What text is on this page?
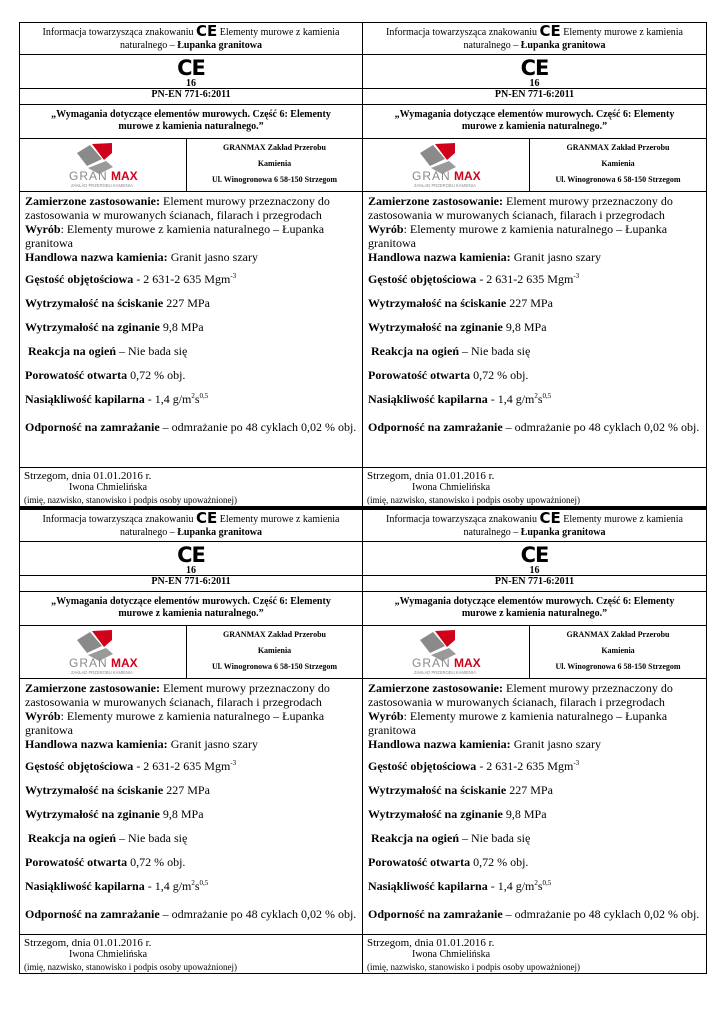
Informacja towarzysząca znakowaniu CE Elementy murowe z kamienia
naturalnego – Łupanka granitowa
CE
16
PN-EN 771-6:2011
„Wymagania dotyczące elementów murowych. Część 6: Elementy murowe z kamienia naturalnego.”
GRAN MAX
ZAKŁAD PRZEROBU KAMIENIA
GRANMAX Zakład Przerobu
Kamienia
Ul. Winogronowa 6 58-150 Strzegom

Zamierzone zastosowanie: Element murowy przeznaczony do zastosowania w murowanych ścianach, filarach i przegrodach

Wyrób: Elementy murowe z kamienia naturalnego – Łupanka granitowa

Handlowa nazwa kamienia: Granit jasno szary

Gęstość objętościowa - 2 631-2 635 Mgm$^{-3}$

Wytrzymałość na ściskanie 227 MPa

Wytrzymałość na zginanie 9,8 MPa

Reakcja na ogień – Nie bada się

Porowatość otwarta 0,72 % obj.

Nasiąkliwość kapilarna - 1,4 $g/m^2s^{0,5}$

Odporność na zamrażanie – odmrażanie po 48 cyklach 0,02 % obj.

Strzegom, dnia 01.01.2016 r.
Iwona Chmielińska
(imię, nazwisko, stanowisko i podpis osoby upoważnionej)
Informacja towarzysząca znakowaniu CE Elementy murowe z kamienia
naturalnego – Łupanka granitowa
CE
16
PN-EN 771-6:2011
„Wymagania dotyczące elementów murowych. Część 6: Elementy murowe z kamienia naturalnego.”
GRAN MAX
ZAKŁAD PRZEROBU KAMIENIA
GRANMAX Zakład Przerobu
Kamienia
Ul. Winogronowa 6 58-150 Strzegom

Zamierzone zastosowanie: Element murowy przeznaczony do zastosowania w murowanych ścianach, filarach i przegrodach

Wyrób: Elementy murowe z kamienia naturalnego – Łupanka granitowa

Handlowa nazwa kamienia: Granit jasno szary

Gęstość objętościowa - 2 631-2 635 Mgm$^{-3}$

Wytrzymałość na ściskanie 227 MPa

Wytrzymałość na zginanie 9,8 MPa

Reakcja na ogień – Nie bada się

Porowatość otwarta 0,72 % obj.

Nasiąkliwość kapilarna - 1,4 $g/m^2s^{0,5}$

Odporność na zamrażanie – odmrażanie po 48 cyklach 0,02 % obj.

Strzegom, dnia 01.01.2016 r.
Iwona Chmielińska
(imię, nazwisko, stanowisko i podpis osoby upoważnionej)
Informacja towarzysząca znakowaniu CE Elementy murowe z kamienia
naturalnego – Łupanka granitowa
CE
16
PN-EN 771-6:2011
„Wymagania dotyczące elementów murowych. Część 6: Elementy murowe z kamienia naturalnego.”
GRAN MAX
ZAKŁAD PRZEROBU KAMIENIA
GRANMAX Zakład Przerobu
Kamienia
Ul. Winogronowa 6 58-150 Strzegom

Zamierzone zastosowanie: Element murowy przeznaczony do zastosowania w murowanych ścianach, filarach i przegrodach

Wyrób: Elementy murowe z kamienia naturalnego – Łupanka granitowa

Handlowa nazwa kamienia: Granit jasno szary

Gęstość objętościowa - 2 631-2 635 Mgm$^{-3}$

Wytrzymałość na ściskanie 227 MPa

Wytrzymałość na zginanie 9,8 MPa

Reakcja na ogień – Nie bada się

Porowatość otwarta 0,72 % obj.

Nasiąkliwość kapilarna - 1,4 $g/m^2s^{0,5}$

Odporność na zamrażanie – odmrażanie po 48 cyklach 0,02 % obj.

Strzegom, dnia 01.01.2016 r.
Iwona Chmielińska
(imię, nazwisko, stanowisko i podpis osoby upoważnionej)
Informacja towarzysząca znakowaniu CE Elementy murowe z kamienia
naturalnego – Łupanka granitowa
CE
16
PN-EN 771-6:2011
„Wymagania dotyczące elementów murowych. Część 6: Elementy murowe z kamienia naturalnego.”
GRAN MAX
ZAKŁAD PRZEROBU KAMIENIA
GRANMAX Zakład Przerobu
Kamienia
Ul. Winogronowa 6 58-150 Strzegom

Zamierzone zastosowanie: Element murowy przeznaczony do zastosowania w murowanych ścianach, filarach i przegrodach

Wyrób: Elementy murowe z kamienia naturalnego – Łupanka granitowa

Handlowa nazwa kamienia: Granit jasno szary

Gęstość objętościowa - 2 631-2 635 Mgm$^{-3}$

Wytrzymałość na ściskanie 227 MPa

Wytrzymałość na zginanie 9,8 MPa

Reakcja na ogień – Nie bada się

Porowatość otwarta 0,72 % obj.

Nasiąkliwość kapilarna - 1,4 $g/m^2s^{0,5}$

Odporność na zamrażanie – odmrażanie po 48 cyklach 0,02 % obj.

Strzegom, dnia 01.01.2016 r.
Iwona Chmielińska
(imię, nazwisko, stanowisko i podpis osoby upoważnionej)
